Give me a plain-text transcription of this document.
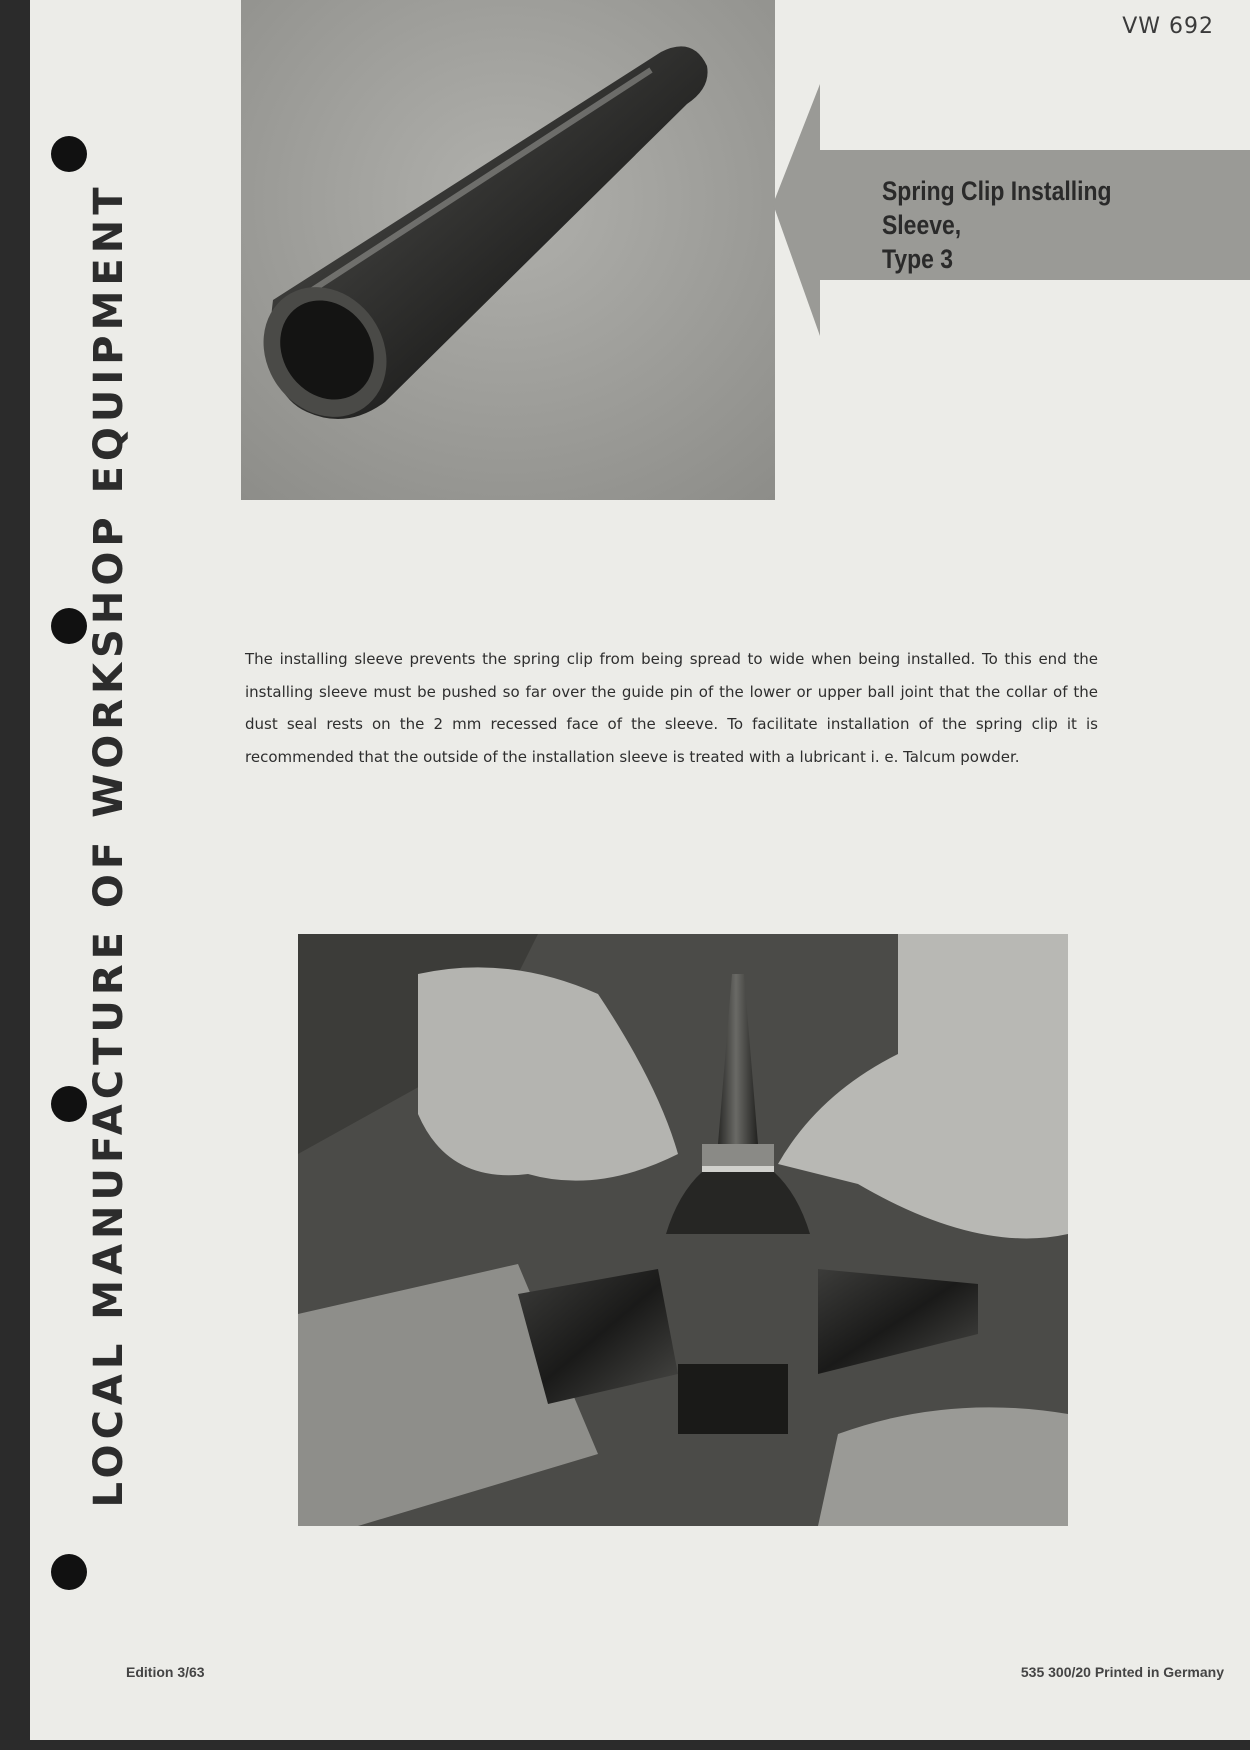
LOCAL MANUFACTURE OF WORKSHOP EQUIPMENT
VW 692
Spring Clip Installing Sleeve,
Type 3
The installing sleeve prevents the spring clip from being spread to wide when being installed. To this end the installing sleeve must be pushed so far over the guide pin of the lower or upper ball joint that the collar of the dust seal rests on the 2 mm recessed face of the sleeve. To facilitate installation of the spring clip it is recommended that the outside of the installation sleeve is treated with a lubricant i. e. Talcum powder.
Edition 3/63	535 300/20 Printed in Germany
